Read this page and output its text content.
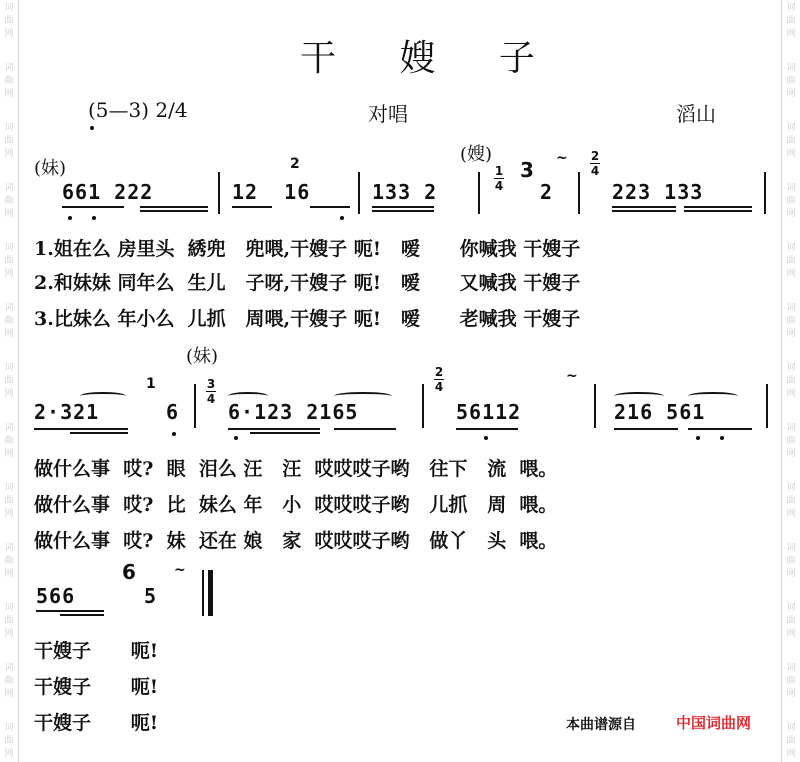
词
曲
网
词
曲
网
词
曲
网
词
曲
网
词
曲
网
词
曲
网
词
曲
网
词
曲
网
词
曲
网
词
曲
网
词
曲
网
词
曲
网
词
曲
网
词
曲
网
词
曲
网
词
曲
网
词
曲
网
词
曲
网
词
曲
网
词
曲
网
词
曲
网
词
曲
网
词
曲
网
词
曲
网
词
曲
网
词
曲
网
干 嫂 子
(5—3) 2/4	对唱	滔山
(妹)
(嫂)
661 222	12  16
2
133 2
1
4
3
2
~ 2
4
223 133
1.姐在么 房里头  綉兜   兜喂,干嫂子 呃!   嗳      你喊我 干嫂子
2.和妹妹 同年么  生儿   子呀,干嫂子 呃!   嗳      又喊我 干嫂子
3.比妹么 年小么  儿抓   周喂,干嫂子 呃!   嗳      老喊我 干嫂子
(妹)
2·321
1
6
3
4
6·123 2165
2
4
56112
~
216 561
做什么事  哎?  眼  泪么 汪   汪  哎哎哎子哟   往下   流  喂。
做什么事  哎?  比  妹么 年   小  哎哎哎子哟   儿抓   周  喂。
做什么事  哎?  妹  还在 娘   家  哎哎哎子哟   做丫   头  喂。
566
6
5
~
干嫂子      呃!
干嫂子      呃!
干嫂子      呃!	本曲谱源自	中国词曲网
